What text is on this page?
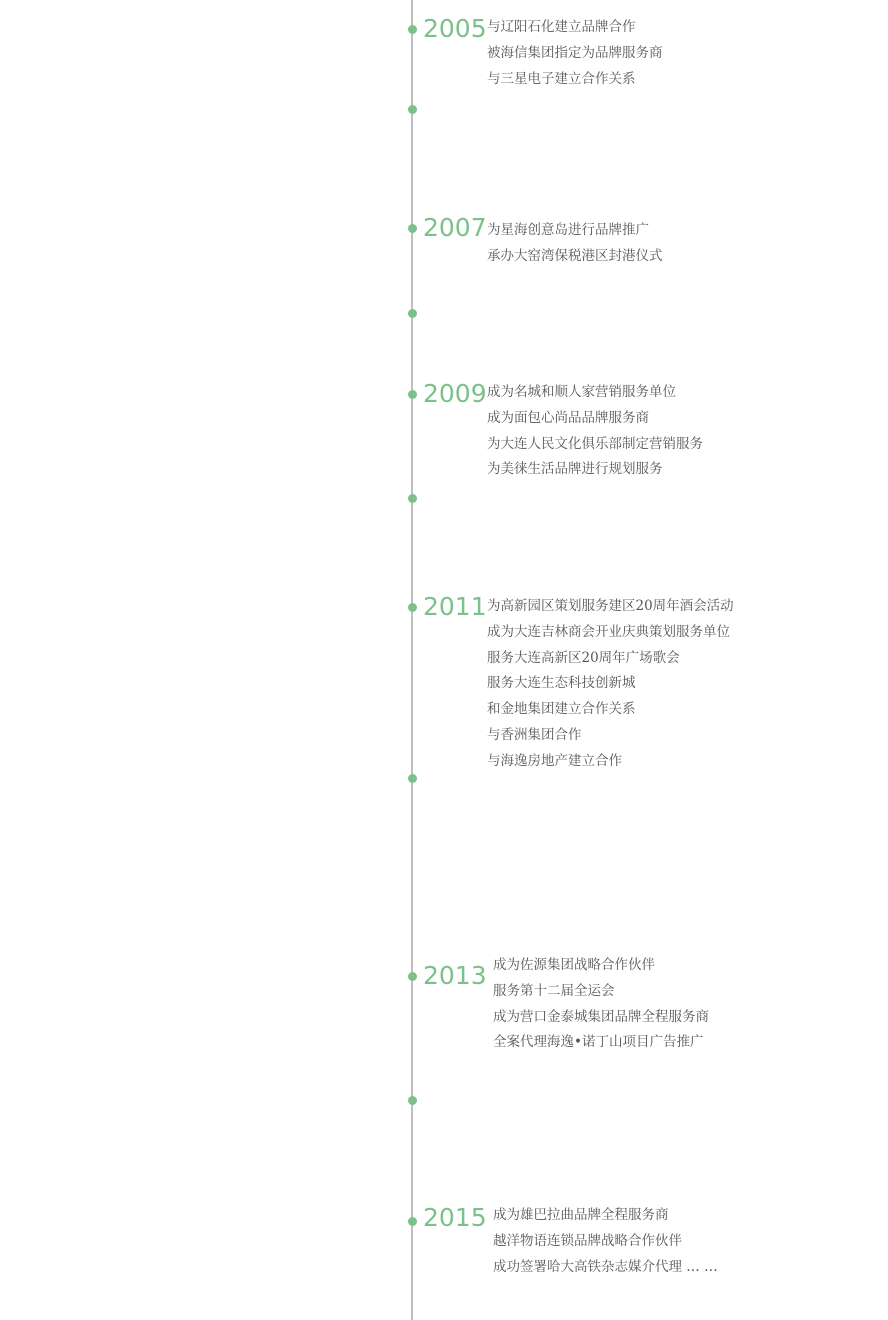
2005 与辽阳石化建立品牌合作
被海信集团指定为品牌服务商
与三星电子建立合作关系
2007 为星海创意岛进行品牌推广
承办大窑湾保税港区封港仪式
2009 成为名城和顺人家营销服务单位
成为面包心尚品品牌服务商
为大连人民文化俱乐部制定营销服务
为美徕生活品牌进行规划服务
2011 为高新园区策划服务建区20周年酒会活动
成为大连吉林商会开业庆典策划服务单位
服务大连高新区20周年广场歌会
服务大连生态科技创新城
和金地集团建立合作关系
与香洲集团合作
与海逸房地产建立合作
2013 成为佐源集团战略合作伙伴
服务第十二届全运会
成为营口金泰城集团品牌全程服务商
全案代理海逸•诺丁山项目广告推广
2015 成为雄巴拉曲品牌全程服务商
越洋物语连锁品牌战略合作伙伴
成功签署哈大高铁杂志媒介代理 … …
